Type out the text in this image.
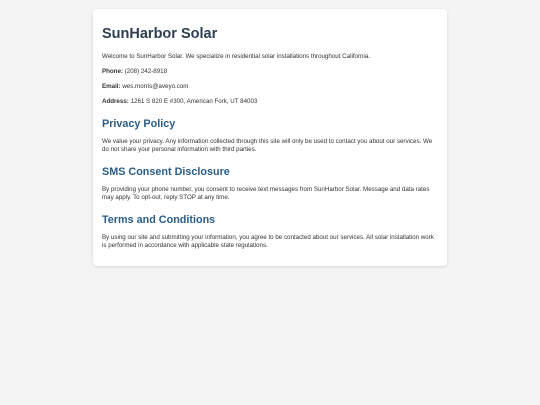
SunHarbor Solar

Welcome to SunHarbor Solar. We specialize in residential solar installations throughout California.

Phone: (208) 242-8918

Email: wes.morris@aveyo.com

Address: 1261 S 820 E #300, American Fork, UT 84003

Privacy Policy

We value your privacy. Any information collected through this site will only be used to contact you about our services. We do not share your personal information with third parties.

SMS Consent Disclosure

By providing your phone number, you consent to receive text messages from SunHarbor Solar. Message and data rates may apply. To opt-out, reply STOP at any time.

Terms and Conditions

By using our site and submitting your information, you agree to be contacted about our services. All solar installation work is performed in accordance with applicable state regulations.
